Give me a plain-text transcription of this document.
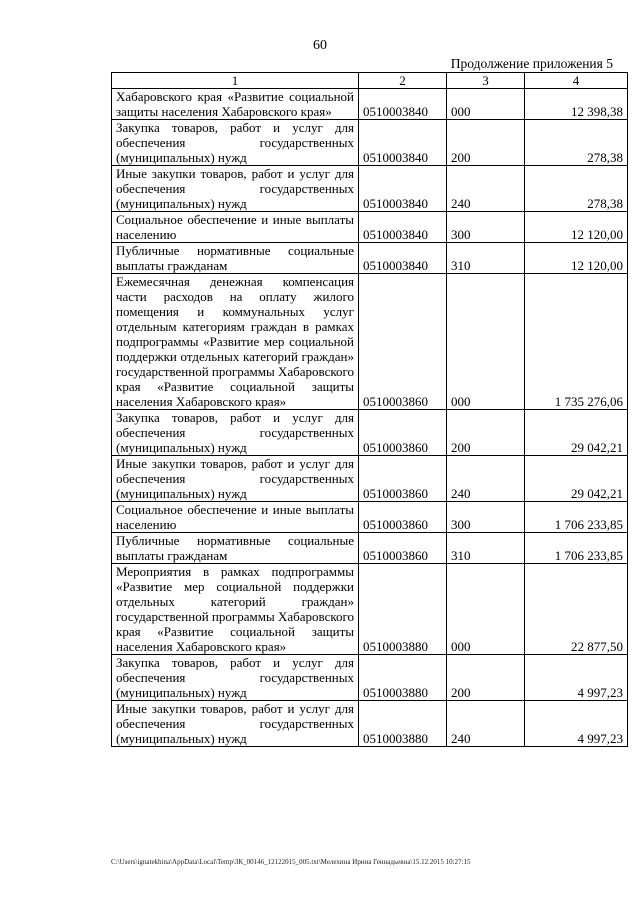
60
Продолжение приложения 5
1	2	3	4
Хабаровского края «Развитие социальной защиты населения Хабаровского края»	0510003840	000	12 398,38
Закупка товаров, работ и услуг для обеспечения государственных (муниципальных) нужд	0510003840	200	278,38
Иные закупки товаров, работ и услуг для обеспечения государственных (муниципальных) нужд	0510003840	240	278,38
Социальное обеспечение и иные выплаты населению	0510003840	300	12 120,00
Публичные нормативные социальные выплаты гражданам	0510003840	310	12 120,00
Ежемесячная денежная компенсация части расходов на оплату жилого помещения и коммунальных услуг отдельным категориям граждан в рамках подпрограммы «Развитие мер социальной поддержки отдельных категорий граждан» государственной программы Хабаровского края «Развитие социальной защиты населения Хабаровского края»	0510003860	000	1 735 276,06
Закупка товаров, работ и услуг для обеспечения государственных (муниципальных) нужд	0510003860	200	29 042,21
Иные закупки товаров, работ и услуг для обеспечения государственных (муниципальных) нужд	0510003860	240	29 042,21
Социальное обеспечение и иные выплаты населению	0510003860	300	1 706 233,85
Публичные нормативные социальные выплаты гражданам	0510003860	310	1 706 233,85
Мероприятия в рамках подпрограммы «Развитие мер социальной поддержки отдельных категорий граждан» государственной программы Хабаровского края «Развитие социальной защиты населения Хабаровского края»	0510003880	000	22 877,50
Закупка товаров, работ и услуг для обеспечения государственных (муниципальных) нужд	0510003880	200	4 997,23
Иные закупки товаров, работ и услуг для обеспечения государственных (муниципальных) нужд	0510003880	240	4 997,23
C:\Users\ignatekhina\AppData\Local\Temp\ЗК_00146_12122015_005.txt\Мелехина Ирина Геннадьевна\15.12.2015 10:27:15
